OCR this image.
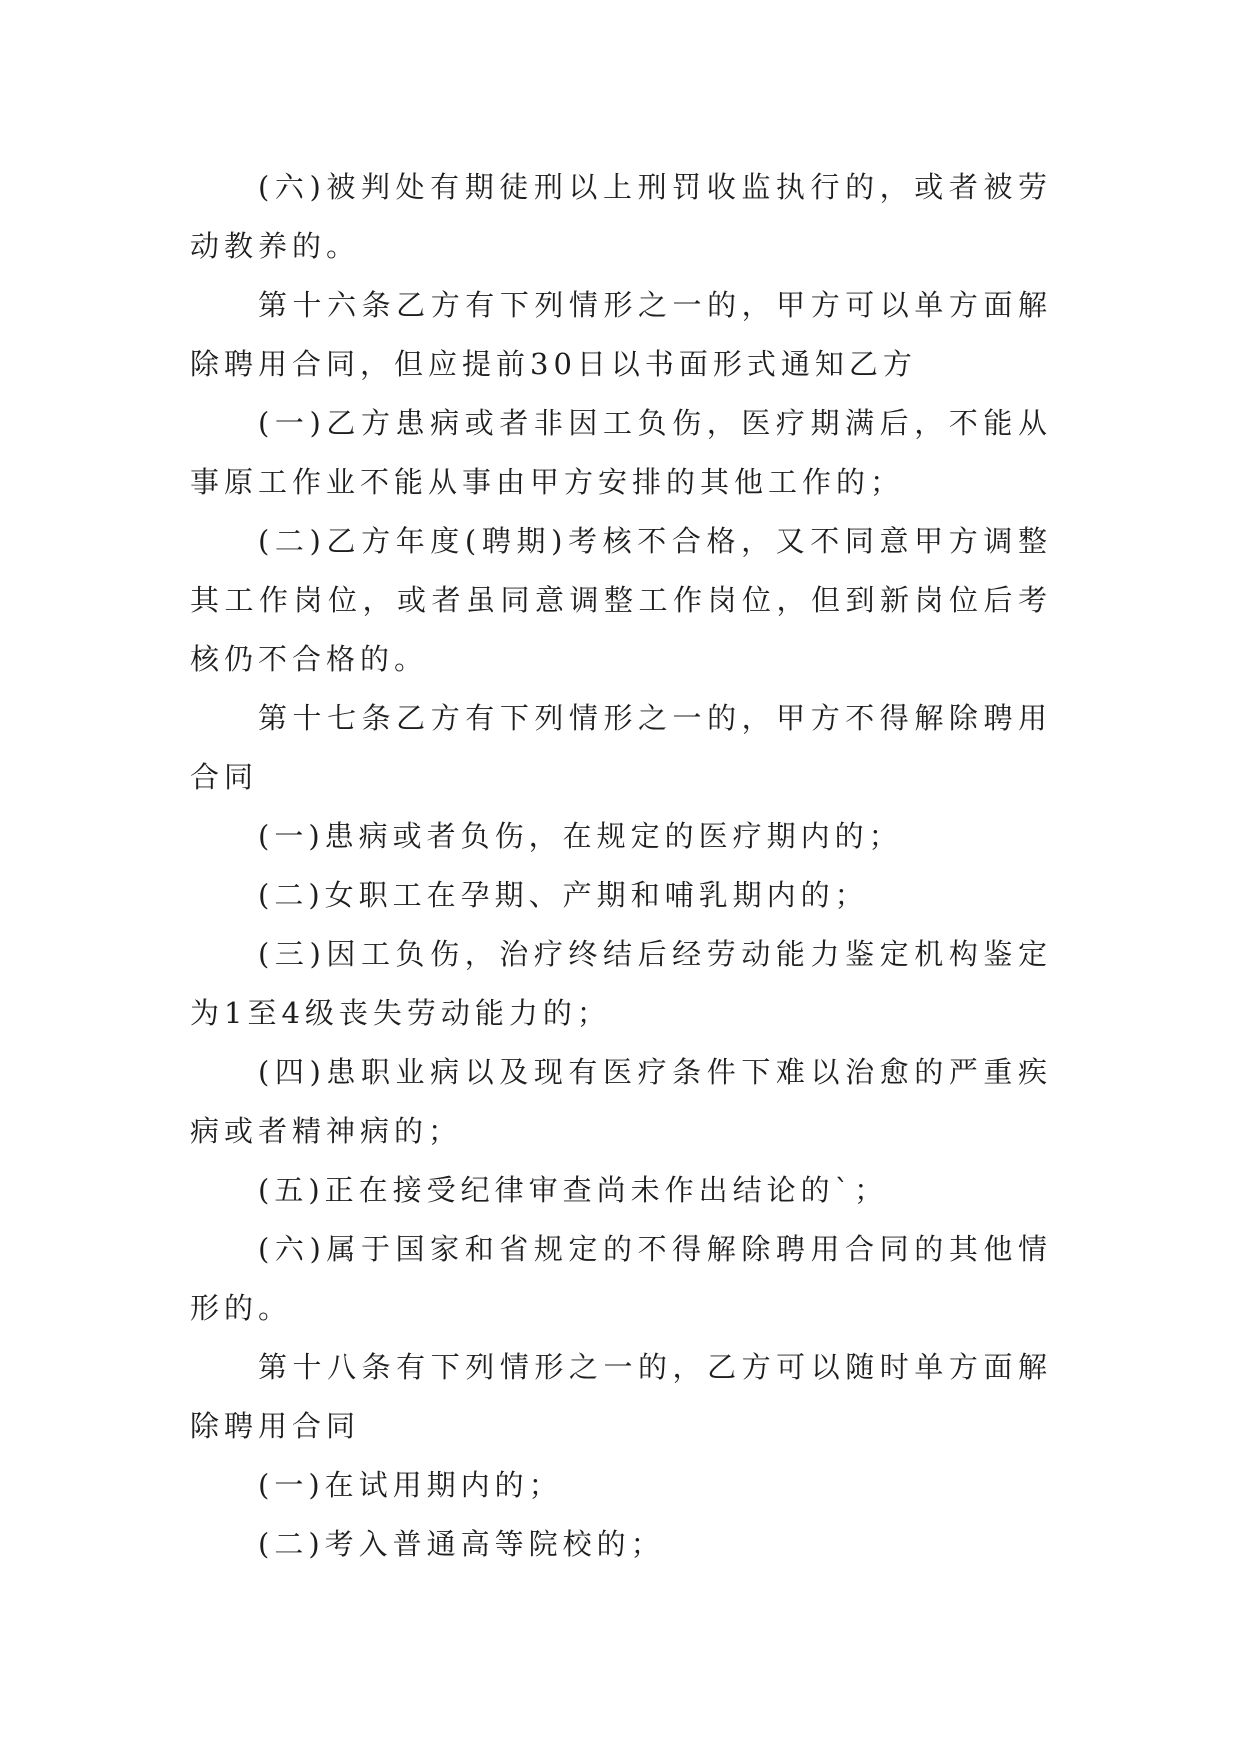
(六)被判处有期徒刑以上刑罚收监执行的，或者被劳动教养的。

第十六条乙方有下列情形之一的，甲方可以单方面解除聘用合同，但应提前30日以书面形式通知乙方

(一)乙方患病或者非因工负伤，医疗期满后，不能从事原工作业不能从事由甲方安排的其他工作的；

(二)乙方年度(聘期)考核不合格，又不同意甲方调整其工作岗位，或者虽同意调整工作岗位，但到新岗位后考核仍不合格的。

第十七条乙方有下列情形之一的，甲方不得解除聘用合同

(一)患病或者负伤，在规定的医疗期内的；

(二)女职工在孕期、产期和哺乳期内的；

(三)因工负伤，治疗终结后经劳动能力鉴定机构鉴定为1至4级丧失劳动能力的；

(四)患职业病以及现有医疗条件下难以治愈的严重疾病或者精神病的；

(五)正在接受纪律审查尚未作出结论的`；

(六)属于国家和省规定的不得解除聘用合同的其他情形的。

第十八条有下列情形之一的，乙方可以随时单方面解除聘用合同

(一)在试用期内的；

(二)考入普通高等院校的；
